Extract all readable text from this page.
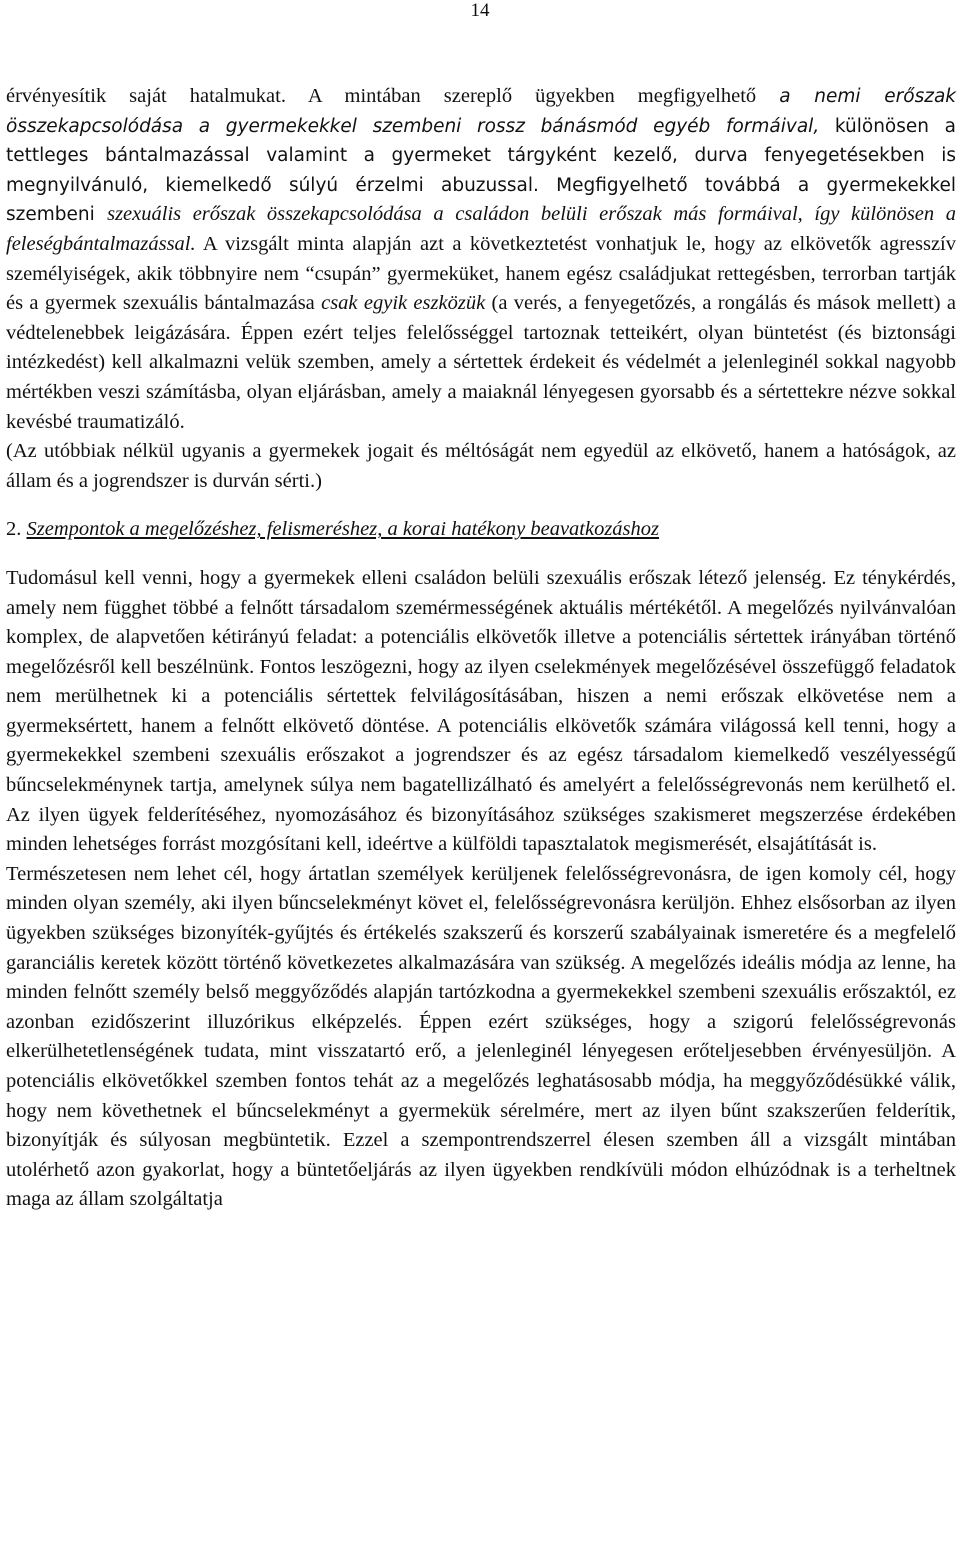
14

érvényesítik saját hatalmukat. A mintában szereplő ügyekben megfigyelhető a nemi erőszak összekapcsolódása a gyermekekkel szembeni rossz bánásmód egyéb formáival, különösen a tettleges bántalmazással valamint a gyermeket tárgyként kezelő, durva fenyegetésekben is megnyilvánuló, kiemelkedő súlyú érzelmi abuzussal. Megfigyelhető továbbá a gyermekekkel szembeni szexuális erőszak összekapcsolódása a családon belüli erőszak más formáival, így különösen a feleségbántalmazással. A vizsgált minta alapján azt a következtetést vonhatjuk le, hogy az elkövetők agresszív személyiségek, akik többnyire nem “csupán” gyermeküket, hanem egész családjukat rettegésben, terrorban tartják és a gyermek szexuális bántalmazása csak egyik eszközük (a verés, a fenyegetőzés, a rongálás és mások mellett) a védtelenebbek leigázására. Éppen ezért teljes felelősséggel tartoznak tetteikért, olyan büntetést (és biztonsági intézkedést) kell alkalmazni velük szemben, amely a sértettek érdekeit és védelmét a jelenleginél sokkal nagyobb mértékben veszi számításba, olyan eljárásban, amely a maiaknál lényegesen gyorsabb és a sértettekre nézve sokkal kevésbé traumatizáló.

(Az utóbbiak nélkül ugyanis a gyermekek jogait és méltóságát nem egyedül az elkövető, hanem a hatóságok, az állam és a jogrendszer is durván sérti.)

2. Szempontok a megelőzéshez, felismeréshez, a korai hatékony beavatkozáshoz

Tudomásul kell venni, hogy a gyermekek elleni családon belüli szexuális erőszak létező jelenség. Ez ténykérdés, amely nem függhet többé a felnőtt társadalom szemérmességének aktuális mértékétől. A megelőzés nyilvánvalóan komplex, de alapvetően kétirányú feladat: a potenciális elkövetők illetve a potenciális sértettek irányában történő megelőzésről kell beszélnünk. Fontos leszögezni, hogy az ilyen cselekmények megelőzésével összefüggő feladatok nem merülhetnek ki a potenciális sértettek felvilágosításában, hiszen a nemi erőszak elkövetése nem a gyermeksértett, hanem a felnőtt elkövető döntése. A potenciális elkövetők számára világossá kell tenni, hogy a gyermekekkel szembeni szexuális erőszakot a jogrendszer és az egész társadalom kiemelkedő veszélyességű bűncselekménynek tartja, amelynek súlya nem bagatellizálható és amelyért a felelősségrevonás nem kerülhető el. Az ilyen ügyek felderítéséhez, nyomozásához és bizonyításához szükséges szakismeret megszerzése érdekében minden lehetséges forrást mozgósítani kell, ideértve a külföldi tapasztalatok megismerését, elsajátítását is.

Természetesen nem lehet cél, hogy ártatlan személyek kerüljenek felelősségrevonásra, de igen komoly cél, hogy minden olyan személy, aki ilyen bűncselekményt követ el, felelősségrevonásra kerüljön. Ehhez elsősorban az ilyen ügyekben szükséges bizonyíték-gyűjtés és értékelés szakszerű és korszerű szabályainak ismeretére és a megfelelő garanciális keretek között történő következetes alkalmazására van szükség. A megelőzés ideális módja az lenne, ha minden felnőtt személy belső meggyőződés alapján tartózkodna a gyermekekkel szembeni szexuális erőszaktól, ez azonban ezidőszerint illuzórikus elképzelés. Éppen ezért szükséges, hogy a szigorú felelősségrevonás elkerülhetetlenségének tudata, mint visszatartó erő, a jelenleginél lényegesen erőteljesebben érvényesüljön. A potenciális elkövetőkkel szemben fontos tehát az a megelőzés leghatásosabb módja, ha meggyőződésükké válik, hogy nem követhetnek el bűncselekményt a gyermekük sérelmére, mert az ilyen bűnt szakszerűen felderítik, bizonyítják és súlyosan megbüntetik. Ezzel a szempontrendszerrel élesen szemben áll a vizsgált mintában utolérhető azon gyakorlat, hogy a büntetőeljárás az ilyen ügyekben rendkívüli módon elhúzódnak is a terheltnek maga az állam szolgáltatja
